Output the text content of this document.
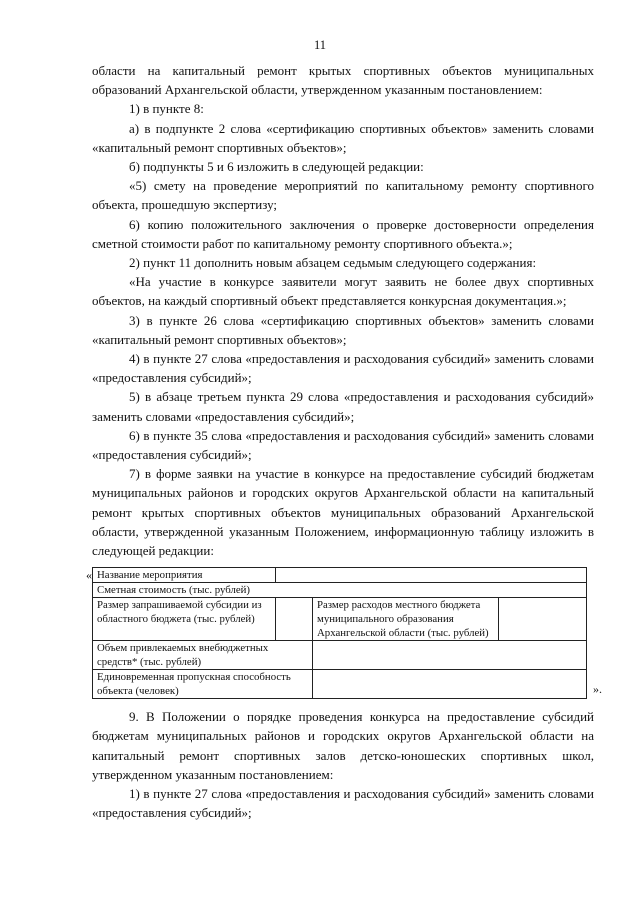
11

области на капитальный ремонт крытых спортивных объектов муниципальных образований Архангельской области, утвержденном указанным постановлением:

1) в пункте 8:

а) в подпункте 2 слова «сертификацию спортивных объектов» заменить словами «капитальный ремонт спортивных объектов»;

б) подпункты 5 и 6 изложить в следующей редакции:

«5) смету на проведение мероприятий по капитальному ремонту спортивного объекта, прошедшую экспертизу;

6) копию положительного заключения о проверке достоверности определения сметной стоимости работ по капитальному ремонту спортивного объекта.»;

2) пункт 11 дополнить новым абзацем седьмым следующего содержания:

«На участие в конкурсе заявители могут заявить не более двух спортивных объектов, на каждый спортивный объект представляется конкурсная документация.»;

3) в пункте 26 слова «сертификацию спортивных объектов» заменить словами «капитальный ремонт спортивных объектов»;

4) в пункте 27 слова «предоставления и расходования субсидий» заменить словами «предоставления субсидий»;

5) в абзаце третьем пункта 29 слова «предоставления и расходования субсидий» заменить словами «предоставления субсидий»;

6) в пункте 35 слова «предоставления и расходования субсидий» заменить словами «предоставления субсидий»;

7) в форме заявки на участие в конкурсе на предоставление субсидий бюджетам муниципальных районов и городских округов Архангельской области на капитальный ремонт крытых спортивных объектов муниципальных образований Архангельской области, утвержденной указанным Положением, информационную таблицу изложить в следующей редакции:

« Название мероприятия			
Сметная стоимость (тыс. рублей)			
Размер запрашиваемой субсидии из областного бюджета (тыс. рублей)		Размер расходов местного бюджета муниципального образования Архангельской области (тыс. рублей)	
Объем привлекаемых внебюджетных средств* (тыс. рублей)			
Единовременная пропускная способность объекта (человек)				».

9. В Положении о порядке проведения конкурса на предоставление субсидий бюджетам муниципальных районов и городских округов Архангельской области на капитальный ремонт спортивных залов детско-юношеских спортивных школ, утвержденном указанным постановлением:

1) в пункте 27 слова «предоставления и расходования субсидий» заменить словами «предоставления субсидий»;
